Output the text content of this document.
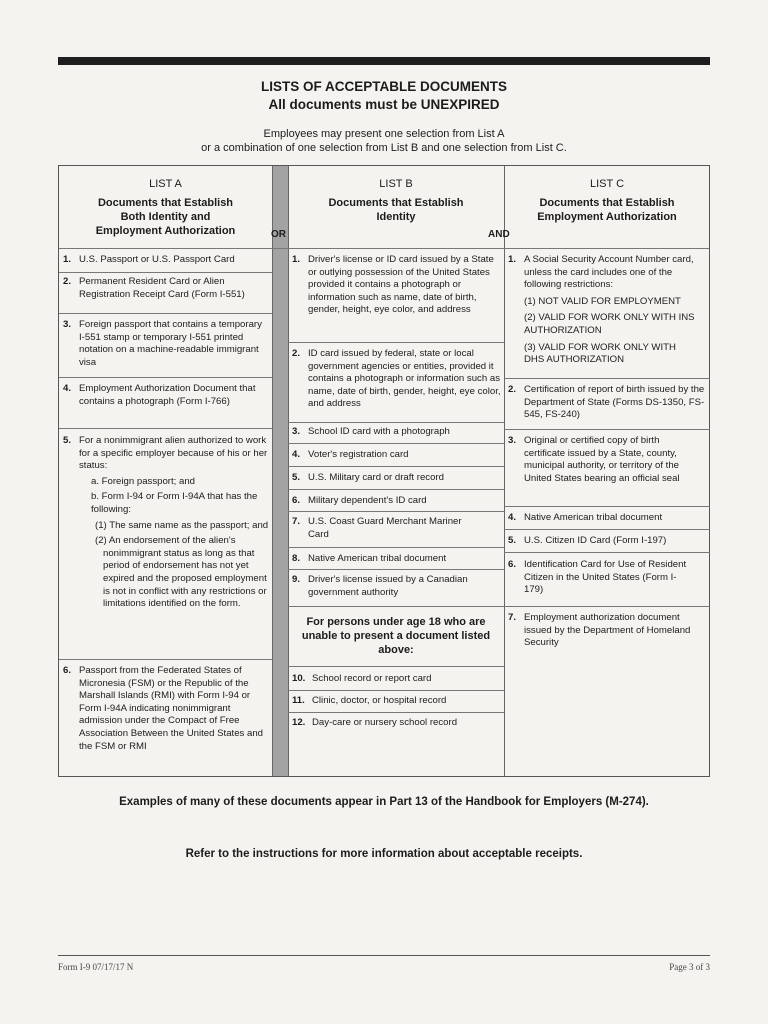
LISTS OF ACCEPTABLE DOCUMENTS
All documents must be UNEXPIRED
Employees may present one selection from List A
or a combination of one selection from List B and one selection from List C.
LIST A
Documents that Establish Both Identity and Employment Authorization
LIST B
Documents that Establish Identity
LIST C
Documents that Establish Employment Authorization
OR	AND
1. U.S. Passport or U.S. Passport Card
2. Permanent Resident Card or Alien Registration Receipt Card (Form I-551)
3. Foreign passport that contains a temporary I-551 stamp or temporary I-551 printed notation on a machine-readable immigrant visa
4. Employment Authorization Document that contains a photograph (Form I-766)
5. For a nonimmigrant alien authorized to work for a specific employer because of his or her status:
a. Foreign passport; and
b. Form I-94 or Form I-94A that has the following:
(1) The same name as the passport; and
(2) An endorsement of the alien's nonimmigrant status as long as that period of endorsement has not yet expired and the proposed employment is not in conflict with any restrictions or limitations identified on the form.
6. Passport from the Federated States of Micronesia (FSM) or the Republic of the Marshall Islands (RMI) with Form I-94 or Form I-94A indicating nonimmigrant admission under the Compact of Free Association Between the United States and the FSM or RMI
1. Driver's license or ID card issued by a State or outlying possession of the United States provided it contains a photograph or information such as name, date of birth, gender, height, eye color, and address
2. ID card issued by federal, state or local government agencies or entities, provided it contains a photograph or information such as name, date of birth, gender, height, eye color, and address
3. School ID card with a photograph
4. Voter's registration card
5. U.S. Military card or draft record
6. Military dependent's ID card
7. U.S. Coast Guard Merchant Mariner Card
8. Native American tribal document
9. Driver's license issued by a Canadian government authority
For persons under age 18 who are unable to present a document listed above:
10. School record or report card
11. Clinic, doctor, or hospital record
12. Day-care or nursery school record
1. A Social Security Account Number card, unless the card includes one of the following restrictions:
(1) NOT VALID FOR EMPLOYMENT
(2) VALID FOR WORK ONLY WITH INS AUTHORIZATION
(3) VALID FOR WORK ONLY WITH DHS AUTHORIZATION
2. Certification of report of birth issued by the Department of State (Forms DS-1350, FS-545, FS-240)
3. Original or certified copy of birth certificate issued by a State, county, municipal authority, or territory of the United States bearing an official seal
4. Native American tribal document
5. U.S. Citizen ID Card (Form I-197)
6. Identification Card for Use of Resident Citizen in the United States (Form I-179)
7. Employment authorization document issued by the Department of Homeland Security
Examples of many of these documents appear in Part 13 of the Handbook for Employers (M-274).
Refer to the instructions for more information about acceptable receipts.
Form I-9 07/17/17 N	Page 3 of 3
